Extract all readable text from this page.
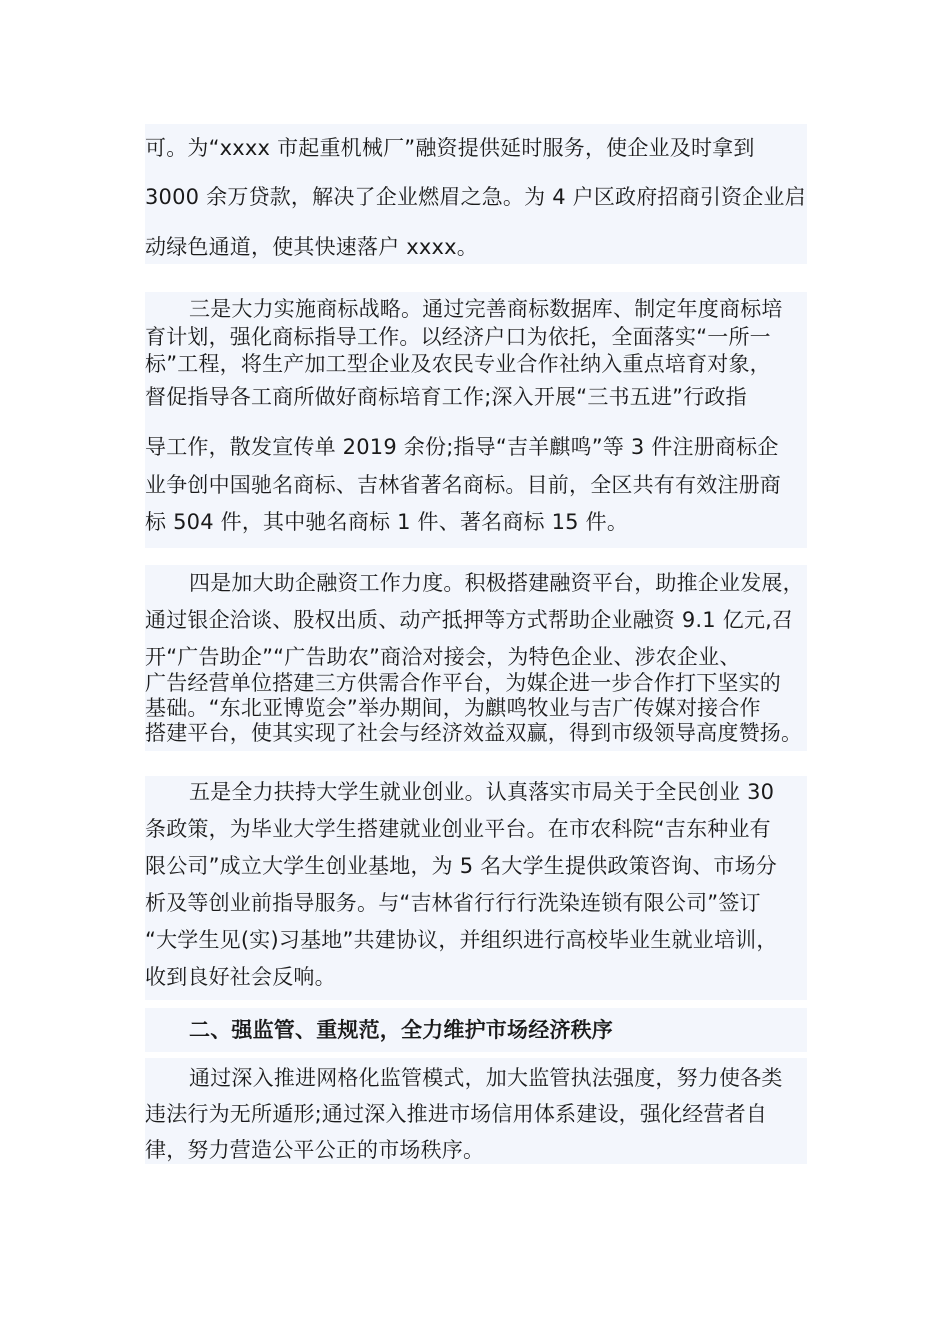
可。为“xxxx 市起重机械厂”融资提供延时服务，使企业及时拿到
3000 余万贷款，解决了企业燃眉之急。为 4 户区政府招商引资企业启
动绿色通道，使其快速落户 xxxx。
三是大力实施商标战略。通过完善商标数据库、制定年度商标培
育计划，强化商标指导工作。以经济户口为依托，全面落实“一所一
标”工程，将生产加工型企业及农民专业合作社纳入重点培育对象，
督促指导各工商所做好商标培育工作;深入开展“三书五进”行政指
导工作，散发宣传单 2019 余份;指导“吉羊麒鸣”等 3 件注册商标企
业争创中国驰名商标、吉林省著名商标。目前，全区共有有效注册商
标 504 件，其中驰名商标 1 件、著名商标 15 件。
四是加大助企融资工作力度。积极搭建融资平台，助推企业发展，
通过银企洽谈、股权出质、动产抵押等方式帮助企业融资 9.1 亿元,召
开“广告助企”“广告助农”商洽对接会，为特色企业、涉农企业、
广告经营单位搭建三方供需合作平台，为媒企进一步合作打下坚实的
基础。“东北亚博览会”举办期间，为麒鸣牧业与吉广传媒对接合作
搭建平台，使其实现了社会与经济效益双赢，得到市级领导高度赞扬。
五是全力扶持大学生就业创业。认真落实市局关于全民创业 30
条政策，为毕业大学生搭建就业创业平台。在市农科院“吉东种业有
限公司”成立大学生创业基地，为 5 名大学生提供政策咨询、市场分
析及等创业前指导服务。与“吉林省行行行洗染连锁有限公司”签订
“大学生见(实)习基地”共建协议，并组织进行高校毕业生就业培训，
收到良好社会反响。
二、强监管、重规范，全力维护市场经济秩序
通过深入推进网格化监管模式，加大监管执法强度，努力使各类
违法行为无所遁形;通过深入推进市场信用体系建设，强化经营者自
律，努力营造公平公正的市场秩序。
